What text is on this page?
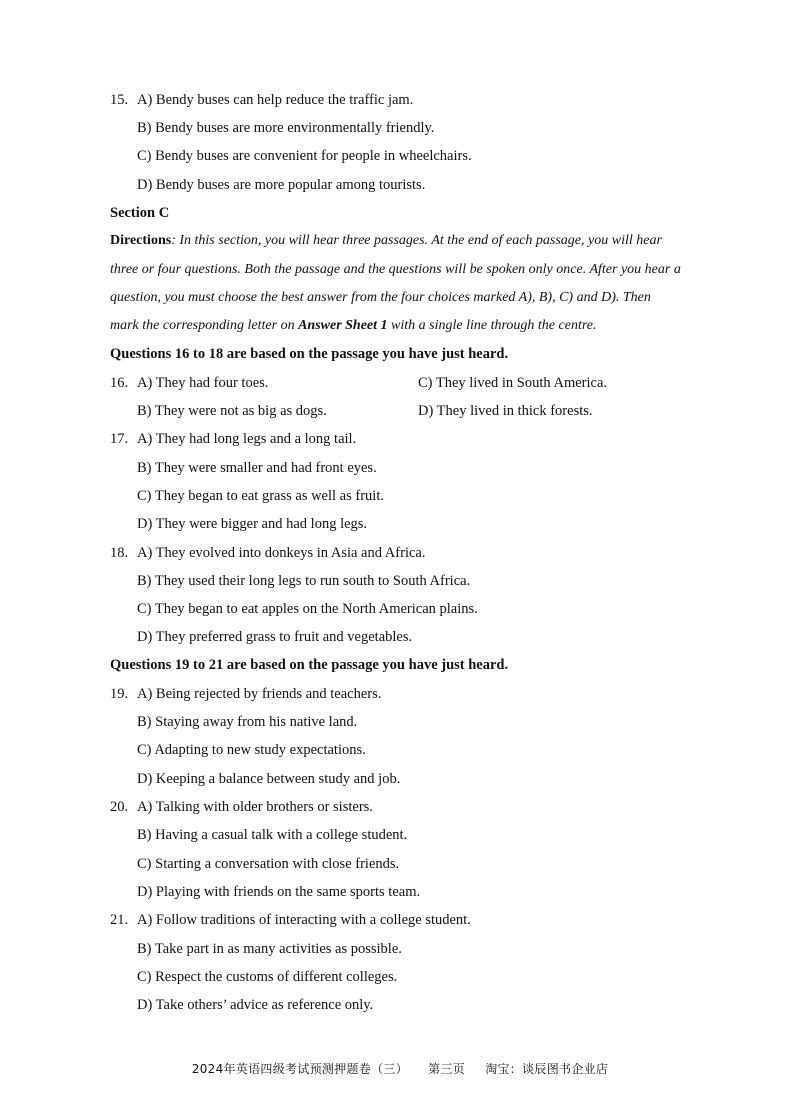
15. A) Bendy buses can help reduce the traffic jam.
B) Bendy buses are more environmentally friendly.
C) Bendy buses are convenient for people in wheelchairs.
D) Bendy buses are more popular among tourists.
Section C
Directions: In this section, you will hear three passages. At the end of each passage, you will hear
three or four questions. Both the passage and the questions will be spoken only once. After you hear a
question, you must choose the best answer from the four choices marked A), B), C) and D). Then
mark the corresponding letter on Answer Sheet 1 with a single line through the centre.
Questions 16 to 18 are based on the passage you have just heard.
16. A) They had four toes.	C) They lived in South America.
B) They were not as big as dogs.	D) They lived in thick forests.
17. A) They had long legs and a long tail.
B) They were smaller and had front eyes.
C) They began to eat grass as well as fruit.
D) They were bigger and had long legs.
18. A) They evolved into donkeys in Asia and Africa.
B) They used their long legs to run south to South Africa.
C) They began to eat apples on the North American plains.
D) They preferred grass to fruit and vegetables.
Questions 19 to 21 are based on the passage you have just heard.
19. A) Being rejected by friends and teachers.
B) Staying away from his native land.
C) Adapting to new study expectations.
D) Keeping a balance between study and job.
20. A) Talking with older brothers or sisters.
B) Having a casual talk with a college student.
C) Starting a conversation with close friends.
D) Playing with friends on the same sports team.
21. A) Follow traditions of interacting with a college student.
B) Take part in as many activities as possible.
C) Respect the customs of different colleges.
D) Take others’ advice as reference only.
2024年英语四级考试预测押题卷（三） 第三页 淘宝：谈辰图书企业店
